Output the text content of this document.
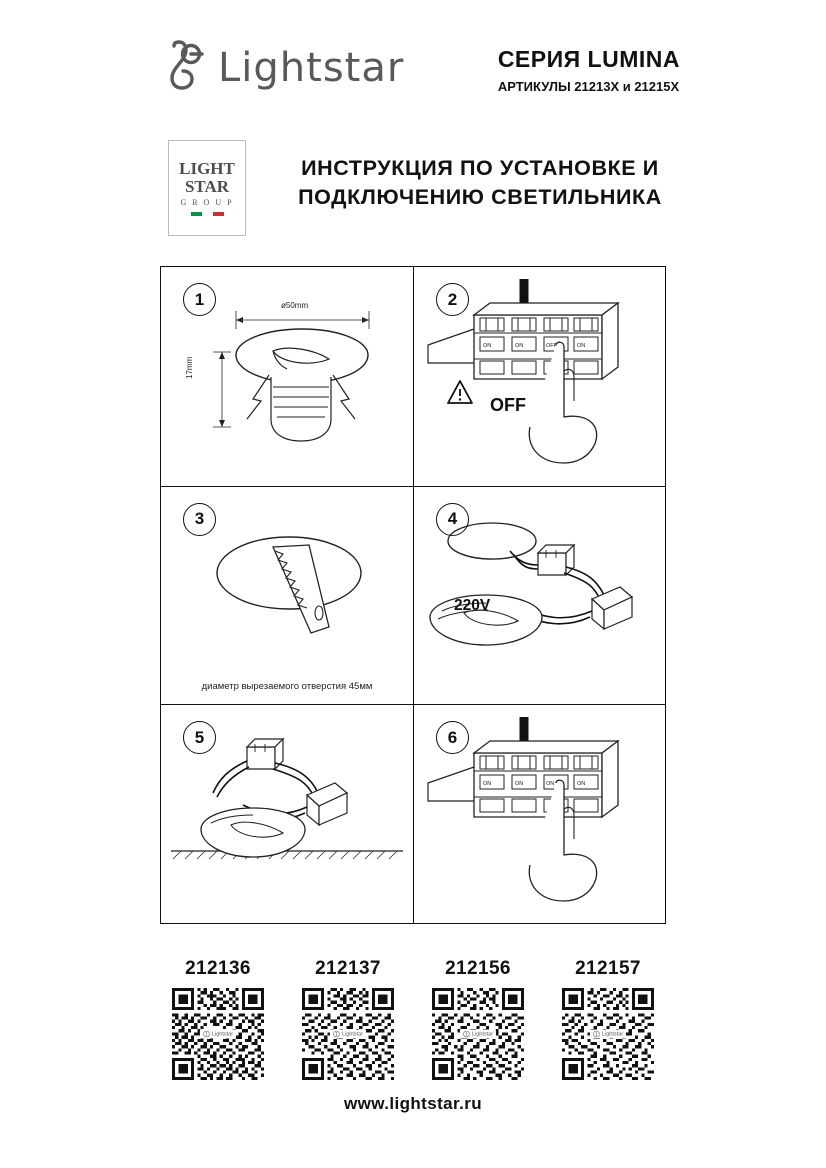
Lightstar	СЕРИЯ LUMINA
АРТИКУЛЫ 21213Х и 21215Х
LIGHT
STAR
G R O U P
ИНСТРУКЦИЯ ПО УСТАНОВКЕ И ПОДКЛЮЧЕНИЮ СВЕТИЛЬНИКА
1	ø50mm
17mm
2
OFF
ON	ON	OFF	ON
3
диаметр вырезаемого отверстия 45мм
4
220V
5	6
ON	ON	ON	ON
212136
Lightstar
212137
Lightstar
212156
Lightstar
212157
Lightstar
www.lightstar.ru
